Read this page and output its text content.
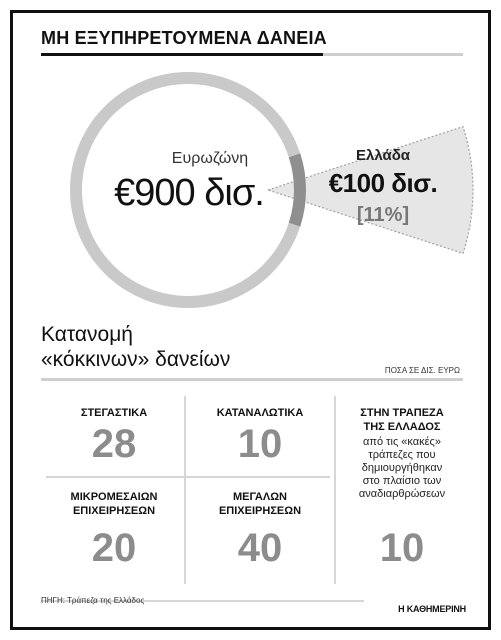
ΜΗ ΕΞΥΠΗΡΕΤΟΥΜΕΝΑ ΔΑΝΕΙΑ
Ευρωζώνη
€900 δισ.
Ελλάδα
€100 δισ.
[11%]
Κατανομή
«κόκκινων» δανείων	ΠΟΣΑ ΣΕ ΔΙΣ. ΕΥΡΩ
ΣΤΕΓΑΣΤΙΚΑ
28
ΚΑΤΑΝΑΛΩΤΙΚΑ
10
ΣΤΗΝ ΤΡΑΠΕΖΑ
ΤΗΣ ΕΛΛΑΔΟΣ
από τις «κακές»
τράπεζες που
δημιουργήθηκαν
στο πλαίσιο των
αναδιαρθρώσεων
10
ΜΙΚΡΟΜΕΣΑΙΩΝ
ΕΠΙΧΕΙΡΗΣΕΩΝ
20
ΜΕΓΑΛΩΝ
ΕΠΙΧΕΙΡΗΣΕΩΝ
40
ΠΗΓΗ: Τράπεζα της Ελλάδος
Η ΚΑΘΗΜΕΡΙΝΗ
